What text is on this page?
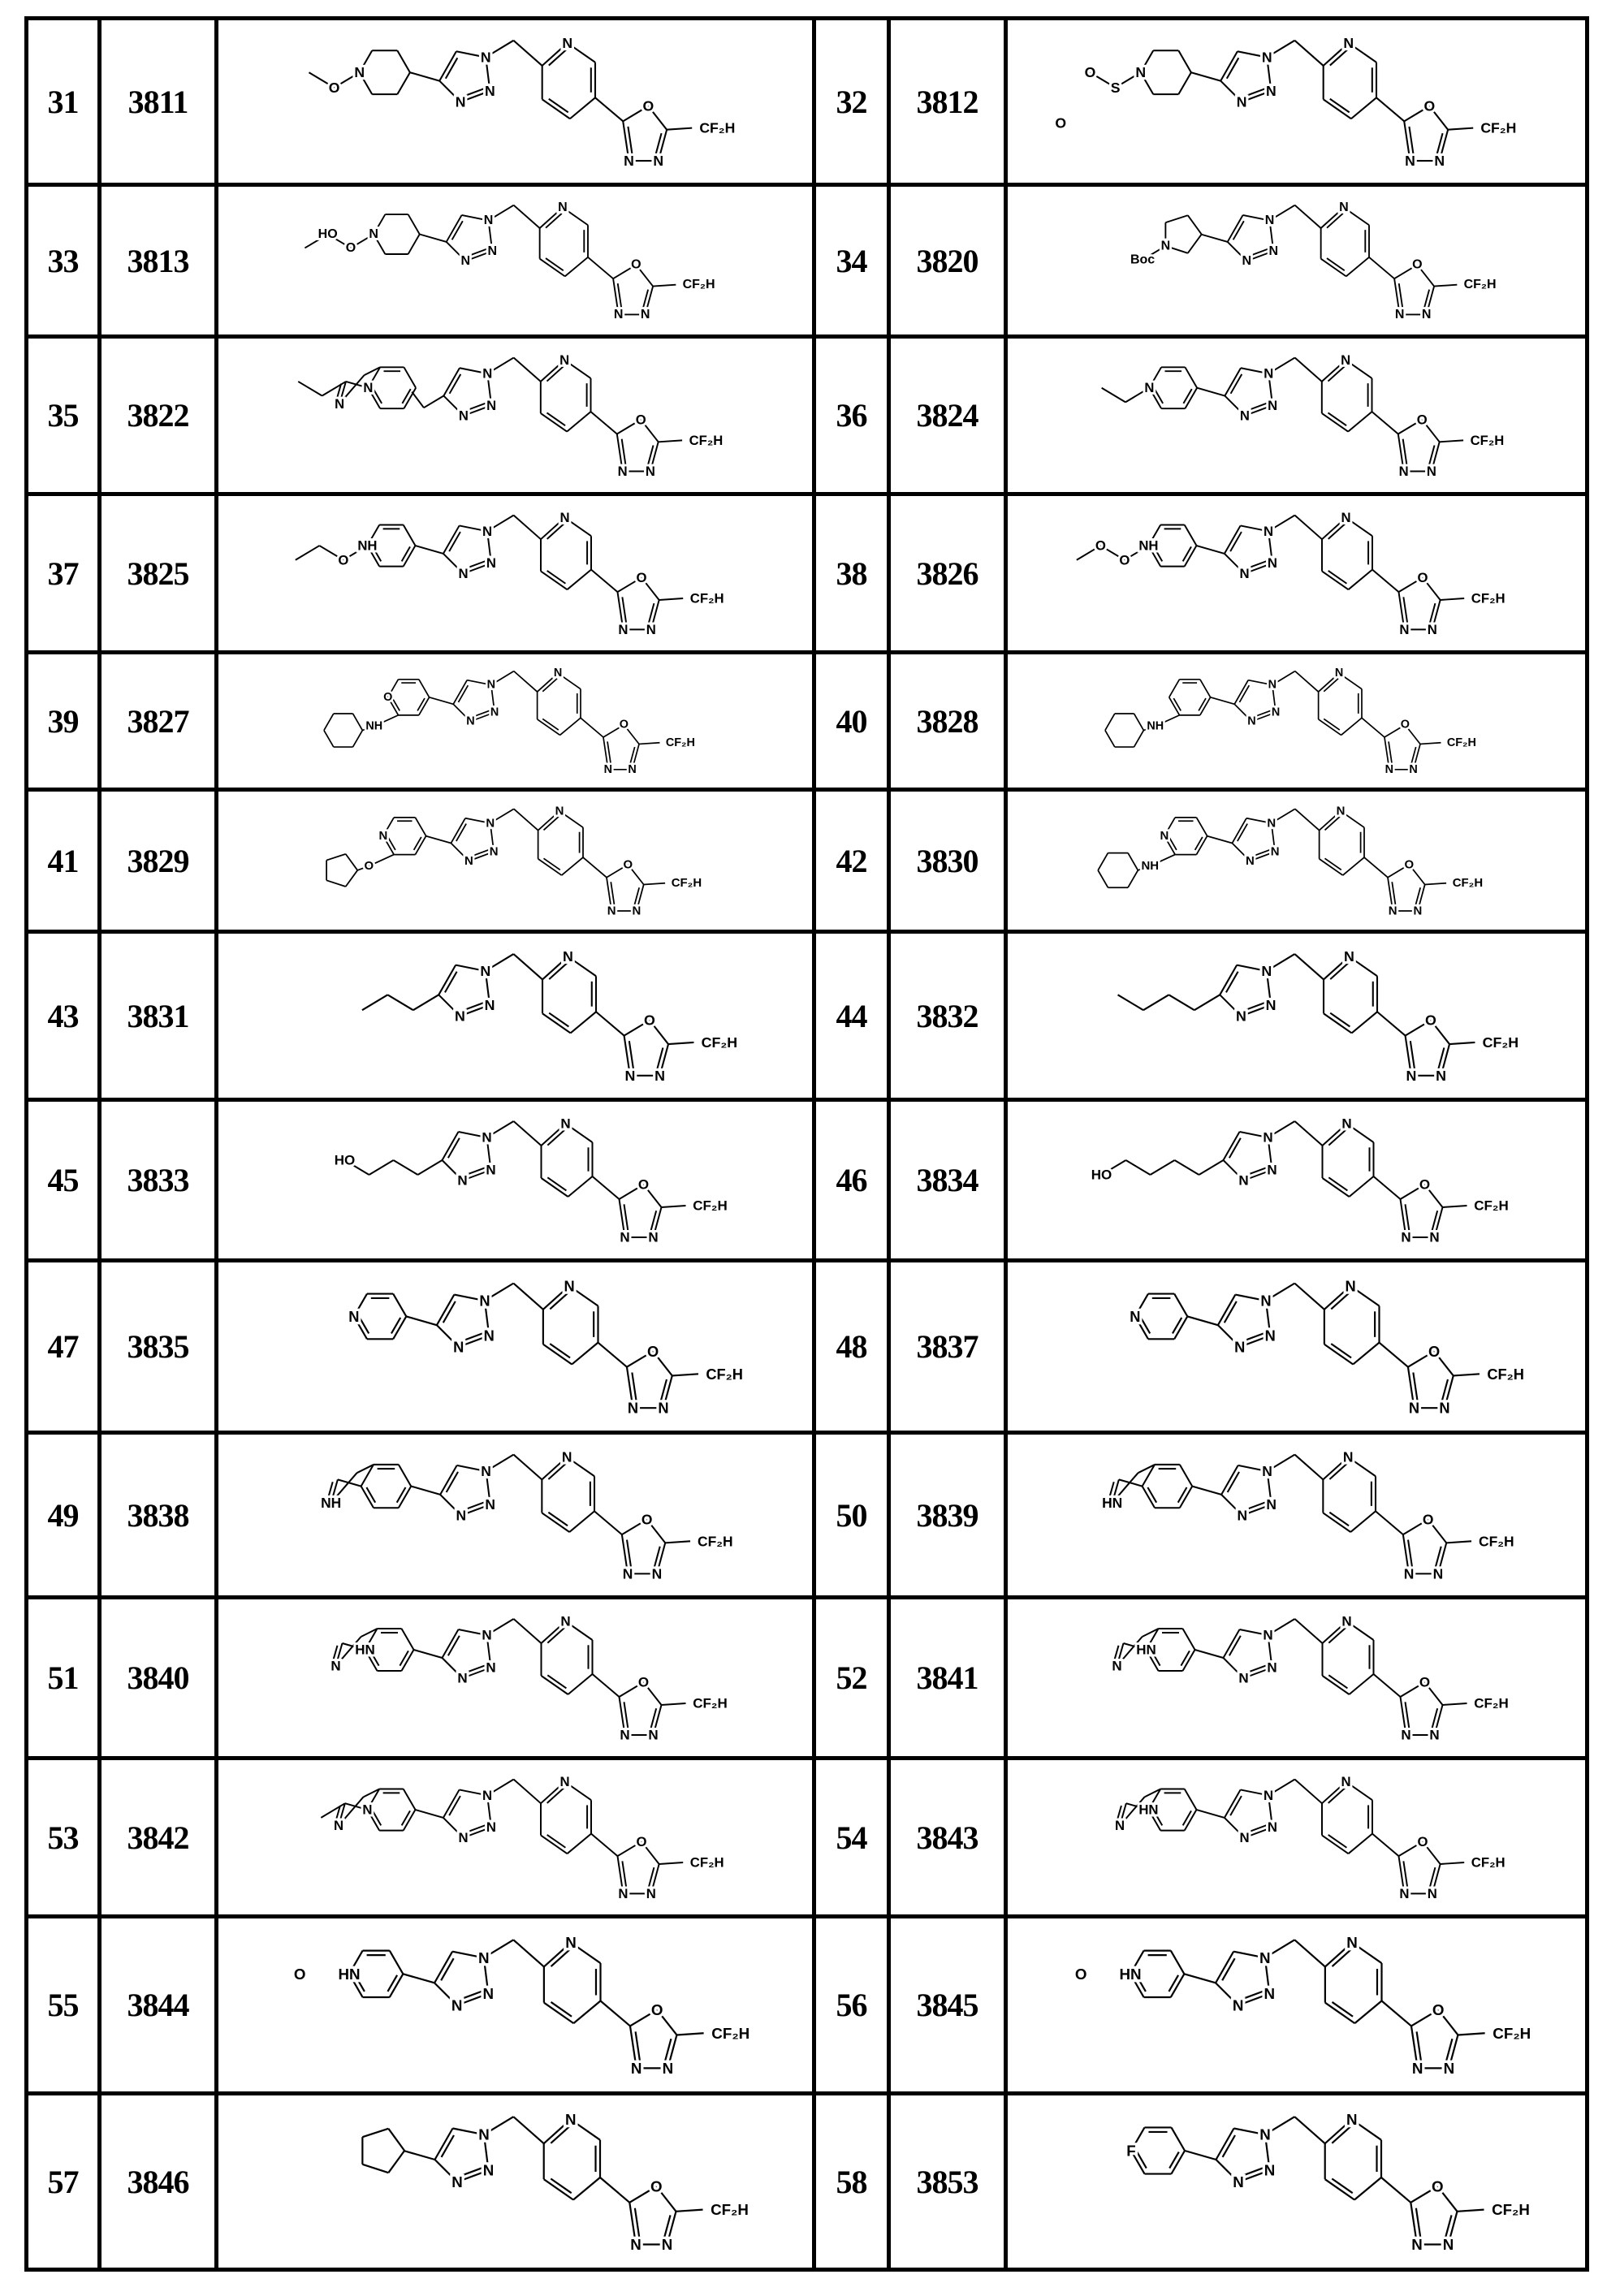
31	3811	
N
N
N
N
O
N
N
CF₂H
N
O	32	3812	
N
N
N
N
O
N
N
CF₂H
N
S
O
O

33	3813	
N
N
N
N
O
N
N
CF₂H
N
O
HO
	34	3820	
N
N
N
N
O
N
N
CF₂H
N
Boc

35	3822	
N
N
N
N
O
N
N
CF₂H
N
N
	36	3824	
N
N
N
N
O
N
N
CF₂H
N

37	3825	
N
N
N
N
O
N
N
CF₂H
NH
O	38	3826	
N
N
N
N
O
N
N
CF₂H
NH
O
O

39	3827	
N
N
N
N
O
N
N
CF₂H
NH
O
	40	3828	
N
N
N
N
O
N
N
CF₂H
NH

41	3829	
N
N
N
N
O
N
N
CF₂H
O
N
	42	3830	
N
N
N
N
O
N
N
CF₂H
NH
N

43	3831	
N
N
N
N
O
N
N
CF₂H
	44	3832	
N
N
N
N
O
N
N
CF₂H

45	3833	
N
N
N
N
O
N
N
CF₂H
HO
	46	3834	
N
N
N
N
O
N
N
CF₂H
HO

47	3835	
N
N
N
N
O
N
N
CF₂H
N
	48	3837	
N
N
N
N
O
N
N
CF₂H
N

49	3838	
N
N
N
N
O
N
N
CF₂H
NH	50	3839	
N
N
N
N
O
N
N
CF₂H
HN

51	3840	
N
N
N
N
O
N
N
CF₂H
N
HN
	52	3841	
N
N
N
N
O
N
N
CF₂H
N
HN

53	3842	
N
N
N
N
O
N
N
CF₂H
N
N
	54	3843	
N
N
N
N
O
N
N
CF₂H
N
HN

55	3844	
N
N
N
N
O
N
N
CF₂H
HN
O
	56	3845	
N
N
N
N
O
N
N
CF₂H
HN
O

57	3846	
N
N
N
N
O
N
N
CF₂H
	58	3853	
N
N
N
N
O
N
N
CF₂H
F
